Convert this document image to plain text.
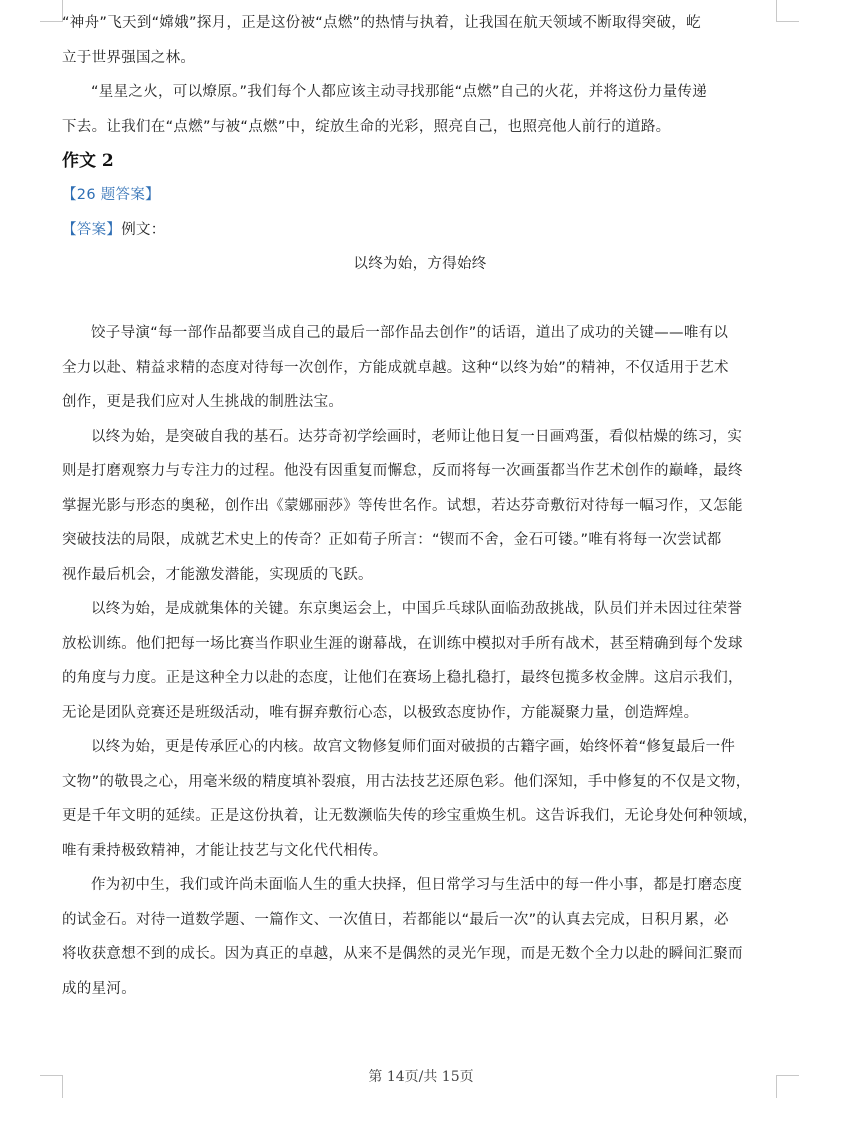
“神舟”飞天到“嫦娥”探月，正是这份被“点燃”的热情与执着，让我国在航天领域不断取得突破，屹
立于世界强国之林。
“星星之火，可以燎原。”我们每个人都应该主动寻找那能“点燃”自己的火花，并将这份力量传递
下去。让我们在“点燃”与被“点燃”中，绽放生命的光彩，照亮自己，也照亮他人前行的道路。
作文 2
【26 题答案】
【答案】例文：
以终为始，方得始终
饺子导演“每一部作品都要当成自己的最后一部作品去创作”的话语，道出了成功的关键——唯有以
全力以赴、精益求精的态度对待每一次创作，方能成就卓越。这种“以终为始”的精神，不仅适用于艺术
创作，更是我们应对人生挑战的制胜法宝。
以终为始，是突破自我的基石。达芬奇初学绘画时，老师让他日复一日画鸡蛋，看似枯燥的练习，实
则是打磨观察力与专注力的过程。他没有因重复而懈怠，反而将每一次画蛋都当作艺术创作的巅峰，最终
掌握光影与形态的奥秘，创作出《蒙娜丽莎》等传世名作。试想，若达芬奇敷衍对待每一幅习作，又怎能
突破技法的局限，成就艺术史上的传奇？正如荀子所言：“锲而不舍，金石可镂。”唯有将每一次尝试都
视作最后机会，才能激发潜能，实现质的飞跃。
以终为始，是成就集体的关键。东京奥运会上，中国乒乓球队面临劲敌挑战，队员们并未因过往荣誉
放松训练。他们把每一场比赛当作职业生涯的谢幕战，在训练中模拟对手所有战术，甚至精确到每个发球
的角度与力度。正是这种全力以赴的态度，让他们在赛场上稳扎稳打，最终包揽多枚金牌。这启示我们，
无论是团队竞赛还是班级活动，唯有摒弃敷衍心态，以极致态度协作，方能凝聚力量，创造辉煌。
以终为始，更是传承匠心的内核。故宫文物修复师们面对破损的古籍字画，始终怀着“修复最后一件
文物”的敬畏之心，用毫米级的精度填补裂痕，用古法技艺还原色彩。他们深知，手中修复的不仅是文物，
更是千年文明的延续。正是这份执着，让无数濒临失传的珍宝重焕生机。这告诉我们，无论身处何种领域，
唯有秉持极致精神，才能让技艺与文化代代相传。
作为初中生，我们或许尚未面临人生的重大抉择，但日常学习与生活中的每一件小事，都是打磨态度
的试金石。对待一道数学题、一篇作文、一次值日，若都能以“最后一次”的认真去完成，日积月累，必
将收获意想不到的成长。因为真正的卓越，从来不是偶然的灵光乍现，而是无数个全力以赴的瞬间汇聚而
成的星河。
第 14页/共 15页
